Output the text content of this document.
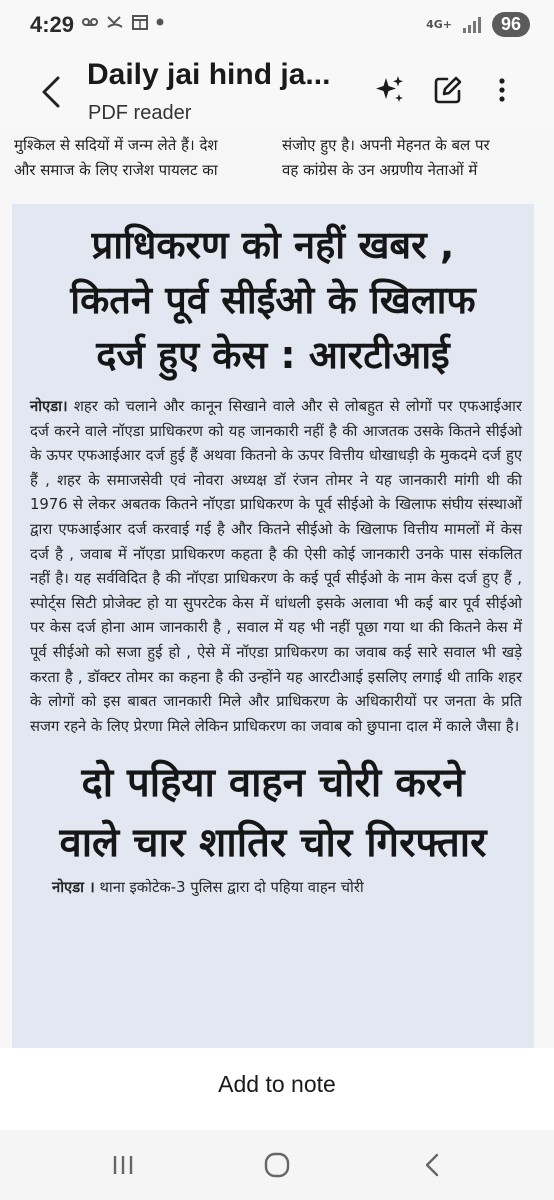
4:29	4G+	96
Daily jai hind ja...
PDF reader
मुश्किल से सदियों में जन्म लेते हैं। देश
और समाज के लिए राजेश पायलट का
संजोए हुए है। अपनी मेहनत के बल पर
वह कांग्रेस के उन अग्रणीय नेताओं में
प्राधिकरण को नहीं खबर ,
कितने पूर्व सीईओ के खिलाफ
दर्ज हुए केस : आरटीआई
नोएडा। शहर को चलाने और कानून सिखाने वाले और से लोबहुत से लोगों पर एफआईआर दर्ज करने वाले नॉएडा प्राधिकरण को यह जानकारी नहीं है की आजतक उसके कितने सीईओ के ऊपर एफआईआर दर्ज हुई हैं अथवा कितनो के ऊपर वित्तीय धोखाधड़ी के मुकदमे दर्ज हुए हैं , शहर के समाजसेवी एवं नोवरा अध्यक्ष डॉ रंजन तोमर ने यह जानकारी मांगी थी की 1976 से लेकर अबतक कितने नॉएडा प्राधिकरण के पूर्व सीईओ के खिलाफ संघीय संस्थाओं द्वारा एफआईआर दर्ज करवाई गई है और कितने सीईओ के खिलाफ वित्तीय मामलों में केस दर्ज है , जवाब में नॉएडा प्राधिकरण कहता है की ऐसी कोई जानकारी उनके पास संकलित नहीं है। यह सर्वविदित है की नॉएडा प्राधिकरण के कई पूर्व सीईओ के नाम केस दर्ज हुए हैं , स्पोर्ट्स सिटी प्रोजेक्ट हो या सुपरटेक केस में धांधली इसके अलावा भी कई बार पूर्व सीईओ पर केस दर्ज होना आम जानकारी है , सवाल में यह भी नहीं पूछा गया था की कितने केस में पूर्व सीईओ को सजा हुई हो , ऐसे में नॉएडा प्राधिकरण का जवाब कई सारे सवाल भी खड़े करता है , डॉक्टर तोमर का कहना है की उन्होंने यह आरटीआई इसलिए लगाई थी ताकि शहर के लोगों को इस बाबत जानकारी मिले और प्राधिकरण के अधिकारीयों पर जनता के प्रति सजग रहने के लिए प्रेरणा मिले लेकिन प्राधिकरण का जवाब को छुपाना दाल में काले जैसा है।
दो पहिया वाहन चोरी करने
वाले चार शातिर चोर गिरफ्तार
नोएडा । थाना इकोटेक-3 पुलिस द्वारा दो पहिया वाहन चोरी
Add to note
